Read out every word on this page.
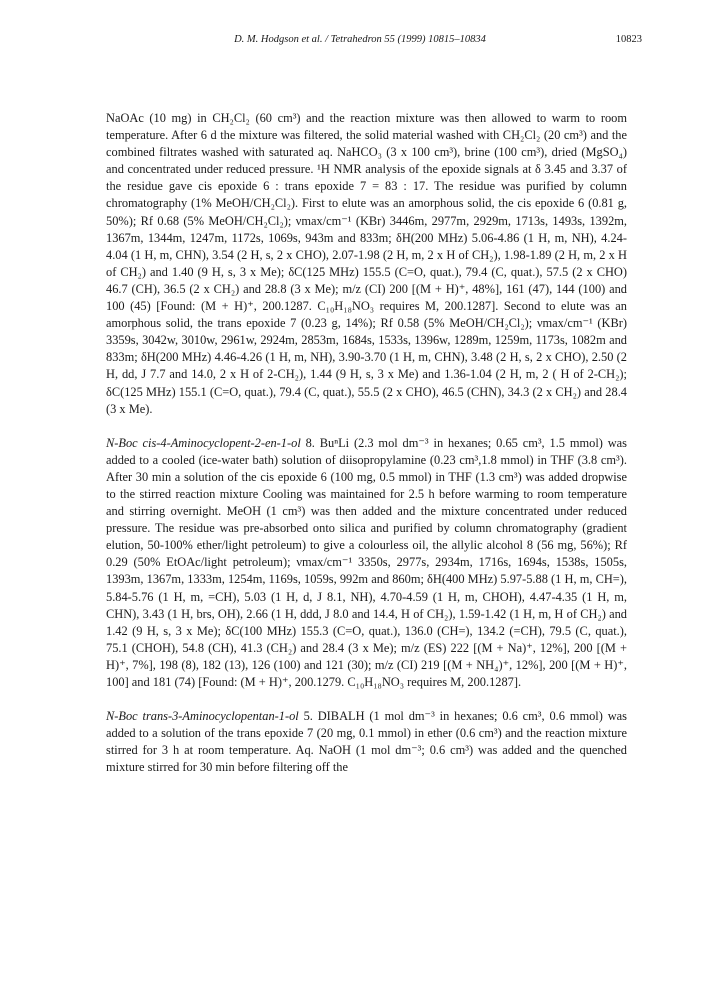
D. M. Hodgson et al. / Tetrahedron 55 (1999) 10815–10834	10823

NaOAc (10 mg) in CH₂Cl₂ (60 cm³) and the reaction mixture was then allowed to warm to room temperature. After 6 d the mixture was filtered, the solid material washed with CH₂Cl₂ (20 cm³) and the combined filtrates washed with saturated aq. NaHCO₃ (3 x 100 cm³), brine (100 cm³), dried (MgSO₄) and concentrated under reduced pressure. ¹H NMR analysis of the epoxide signals at δ 3.45 and 3.37 of the residue gave cis epoxide 6 : trans epoxide 7 = 83 : 17. The residue was purified by column chromatography (1% MeOH/CH₂Cl₂). First to elute was an amorphous solid, the cis epoxide 6 (0.81 g, 50%); Rf 0.68 (5% MeOH/CH₂Cl₂); νmax/cm⁻¹ (KBr) 3446m, 2977m, 2929m, 1713s, 1493s, 1392m, 1367m, 1344m, 1247m, 1172s, 1069s, 943m and 833m; δH(200 MHz) 5.06-4.86 (1 H, m, NH), 4.24-4.04 (1 H, m, CHN), 3.54 (2 H, s, 2 x CHO), 2.07-1.98 (2 H, m, 2 x H of CH₂), 1.98-1.89 (2 H, m, 2 x H of CH₂) and 1.40 (9 H, s, 3 x Me); δC(125 MHz) 155.5 (C=O, quat.), 79.4 (C, quat.), 57.5 (2 x CHO) 46.7 (CH), 36.5 (2 x CH₂) and 28.8 (3 x Me); m/z (CI) 200 [(M + H)⁺, 48%], 161 (47), 144 (100) and 100 (45) [Found: (M + H)⁺, 200.1287. C₁₀H₁₈NO₃ requires M, 200.1287]. Second to elute was an amorphous solid, the trans epoxide 7 (0.23 g, 14%); Rf 0.58 (5% MeOH/CH₂Cl₂); νmax/cm⁻¹ (KBr) 3359s, 3042w, 3010w, 2961w, 2924m, 2853m, 1684s, 1533s, 1396w, 1289m, 1259m, 1173s, 1082m and 833m; δH(200 MHz) 4.46-4.26 (1 H, m, NH), 3.90-3.70 (1 H, m, CHN), 3.48 (2 H, s, 2 x CHO), 2.50 (2 H, dd, J 7.7 and 14.0, 2 x H of 2-CH₂), 1.44 (9 H, s, 3 x Me) and 1.36-1.04 (2 H, m, 2 ( H of 2-CH₂); δC(125 MHz) 155.1 (C=O, quat.), 79.4 (C, quat.), 55.5 (2 x CHO), 46.5 (CHN), 34.3 (2 x CH₂) and 28.4 (3 x Me).

N-Boc cis-4-Aminocyclopent-2-en-1-ol 8. BuⁿLi (2.3 mol dm⁻³ in hexanes; 0.65 cm³, 1.5 mmol) was added to a cooled (ice-water bath) solution of diisopropylamine (0.23 cm³,1.8 mmol) in THF (3.8 cm³). After 30 min a solution of the cis epoxide 6 (100 mg, 0.5 mmol) in THF (1.3 cm³) was added dropwise to the stirred reaction mixture Cooling was maintained for 2.5 h before warming to room temperature and stirring overnight. MeOH (1 cm³) was then added and the mixture concentrated under reduced pressure. The residue was pre-absorbed onto silica and purified by column chromatography (gradient elution, 50-100% ether/light petroleum) to give a colourless oil, the allylic alcohol 8 (56 mg, 56%); Rf 0.29 (50% EtOAc/light petroleum); νmax/cm⁻¹ 3350s, 2977s, 2934m, 1716s, 1694s, 1538s, 1505s, 1393m, 1367m, 1333m, 1254m, 1169s, 1059s, 992m and 860m; δH(400 MHz) 5.97-5.88 (1 H, m, CH=), 5.84-5.76 (1 H, m, =CH), 5.03 (1 H, d, J 8.1, NH), 4.70-4.59 (1 H, m, CHOH), 4.47-4.35 (1 H, m, CHN), 3.43 (1 H, brs, OH), 2.66 (1 H, ddd, J 8.0 and 14.4, H of CH₂), 1.59-1.42 (1 H, m, H of CH₂) and 1.42 (9 H, s, 3 x Me); δC(100 MHz) 155.3 (C=O, quat.), 136.0 (CH=), 134.2 (=CH), 79.5 (C, quat.), 75.1 (CHOH), 54.8 (CH), 41.3 (CH₂) and 28.4 (3 x Me); m/z (ES) 222 [(M + Na)⁺, 12%], 200 [(M + H)⁺, 7%], 198 (8), 182 (13), 126 (100) and 121 (30); m/z (CI) 219 [(M + NH₄)⁺, 12%], 200 [(M + H)⁺, 100] and 181 (74) [Found: (M + H)⁺, 200.1279. C₁₀H₁₈NO₃ requires M, 200.1287].

N-Boc trans-3-Aminocyclopentan-1-ol 5. DIBALH (1 mol dm⁻³ in hexanes; 0.6 cm³, 0.6 mmol) was added to a solution of the trans epoxide 7 (20 mg, 0.1 mmol) in ether (0.6 cm³) and the reaction mixture stirred for 3 h at room temperature. Aq. NaOH (1 mol dm⁻³; 0.6 cm³) was added and the quenched mixture stirred for 30 min before filtering off the
